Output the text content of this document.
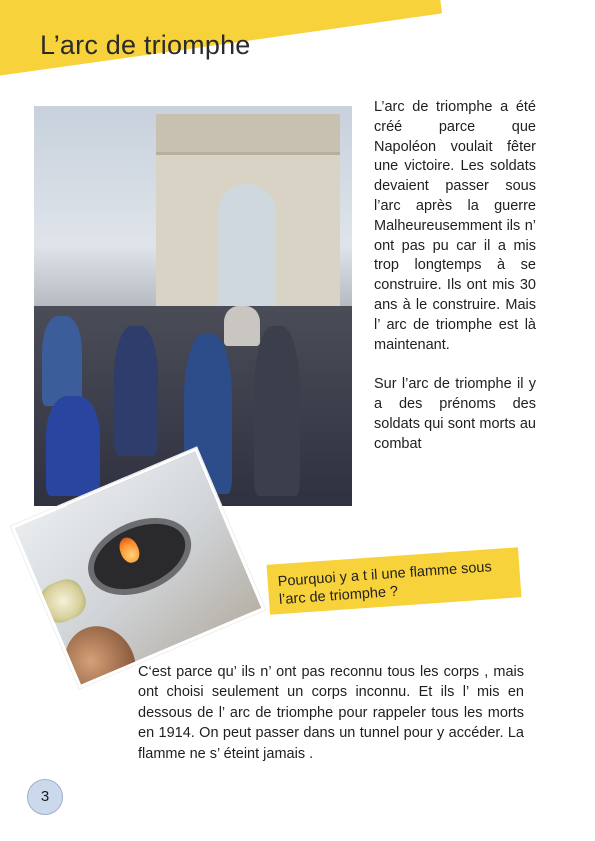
L’arc de triomphe

L’arc de triomphe a été créé parce que Napoléon voulait fêter une victoire. Les soldats devaient passer sous l’arc après la guerre Malheureusemment ils n’ ont pas pu car il a mis trop longtemps à se construire. Ils ont mis 30 ans à le construire. Mais l’ arc de triomphe est là maintenant.

Sur l’arc de triomphe il y a des prénoms des soldats qui sont morts au combat

Pourquoi y a t il une flamme sous l’arc de triomphe ?

C‘est parce qu’ ils n’ ont pas reconnu tous les corps , mais ont choisi seulement un corps inconnu. Et ils l’ mis en dessous de l’ arc de triomphe pour rappeler tous les morts en 1914. On peut passer dans un tunnel pour y accéder. La flamme ne s’ éteint jamais .

3
